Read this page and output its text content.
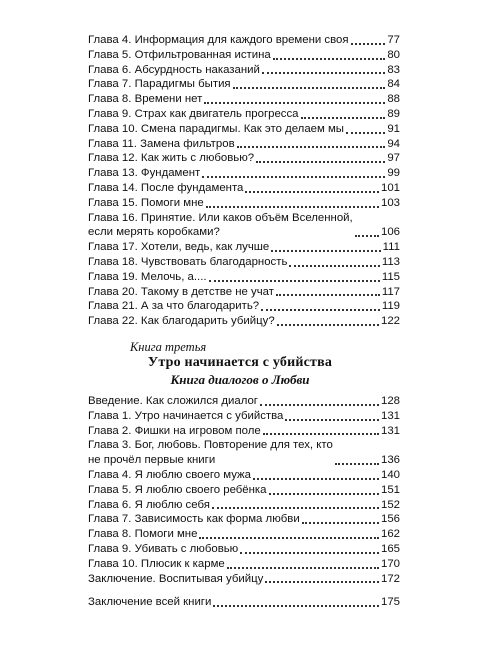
Глава 4. Информация для каждого времени своя	77
Глава 5. Отфильтрованная истина	80
Глава 6. Абсурдность наказаний	83
Глава 7. Парадигмы бытия	84
Глава 8. Времени нет	88
Глава 9. Страх как двигатель прогресса	89
Глава 10. Смена парадигмы. Как это делаем мы	91
Глава 11. Замена фильтров	94
Глава 12. Как жить с любовью?	97
Глава 13. Фундамент	99
Глава 14. После фундамента	101
Глава 15. Помоги мне	103
Глава 16. Принятие. Или каков объём Вселенной,
если мерять коробками?	106
Глава 17. Хотели, ведь, как лучше	111
Глава 18. Чувствовать благодарность	113
Глава 19. Мелочь, а....	115
Глава 20. Такому в детстве не учат	117
Глава 21. А за что благодарить?	119
Глава 22. Как благодарить убийцу?	122
Книга третья
Утро начинается с убийства
Книга диалогов о Любви
Введение. Как сложился диалог	128
Глава 1. Утро начинается с убийства	131
Глава 2. Фишки на игровом поле	131
Глава 3. Бог, любовь. Повторение для тех, кто
не прочёл первые книги	136
Глава 4. Я люблю своего мужа	140
Глава 5. Я люблю своего ребёнка	151
Глава 6. Я люблю себя	152
Глава 7. Зависимость как форма любви	156
Глава 8. Помоги мне	162
Глава 9. Убивать с любовью	165
Глава 10. Плюсик к карме	170
Заключение. Воспитывая убийцу	172
Заключение всей книги	175
